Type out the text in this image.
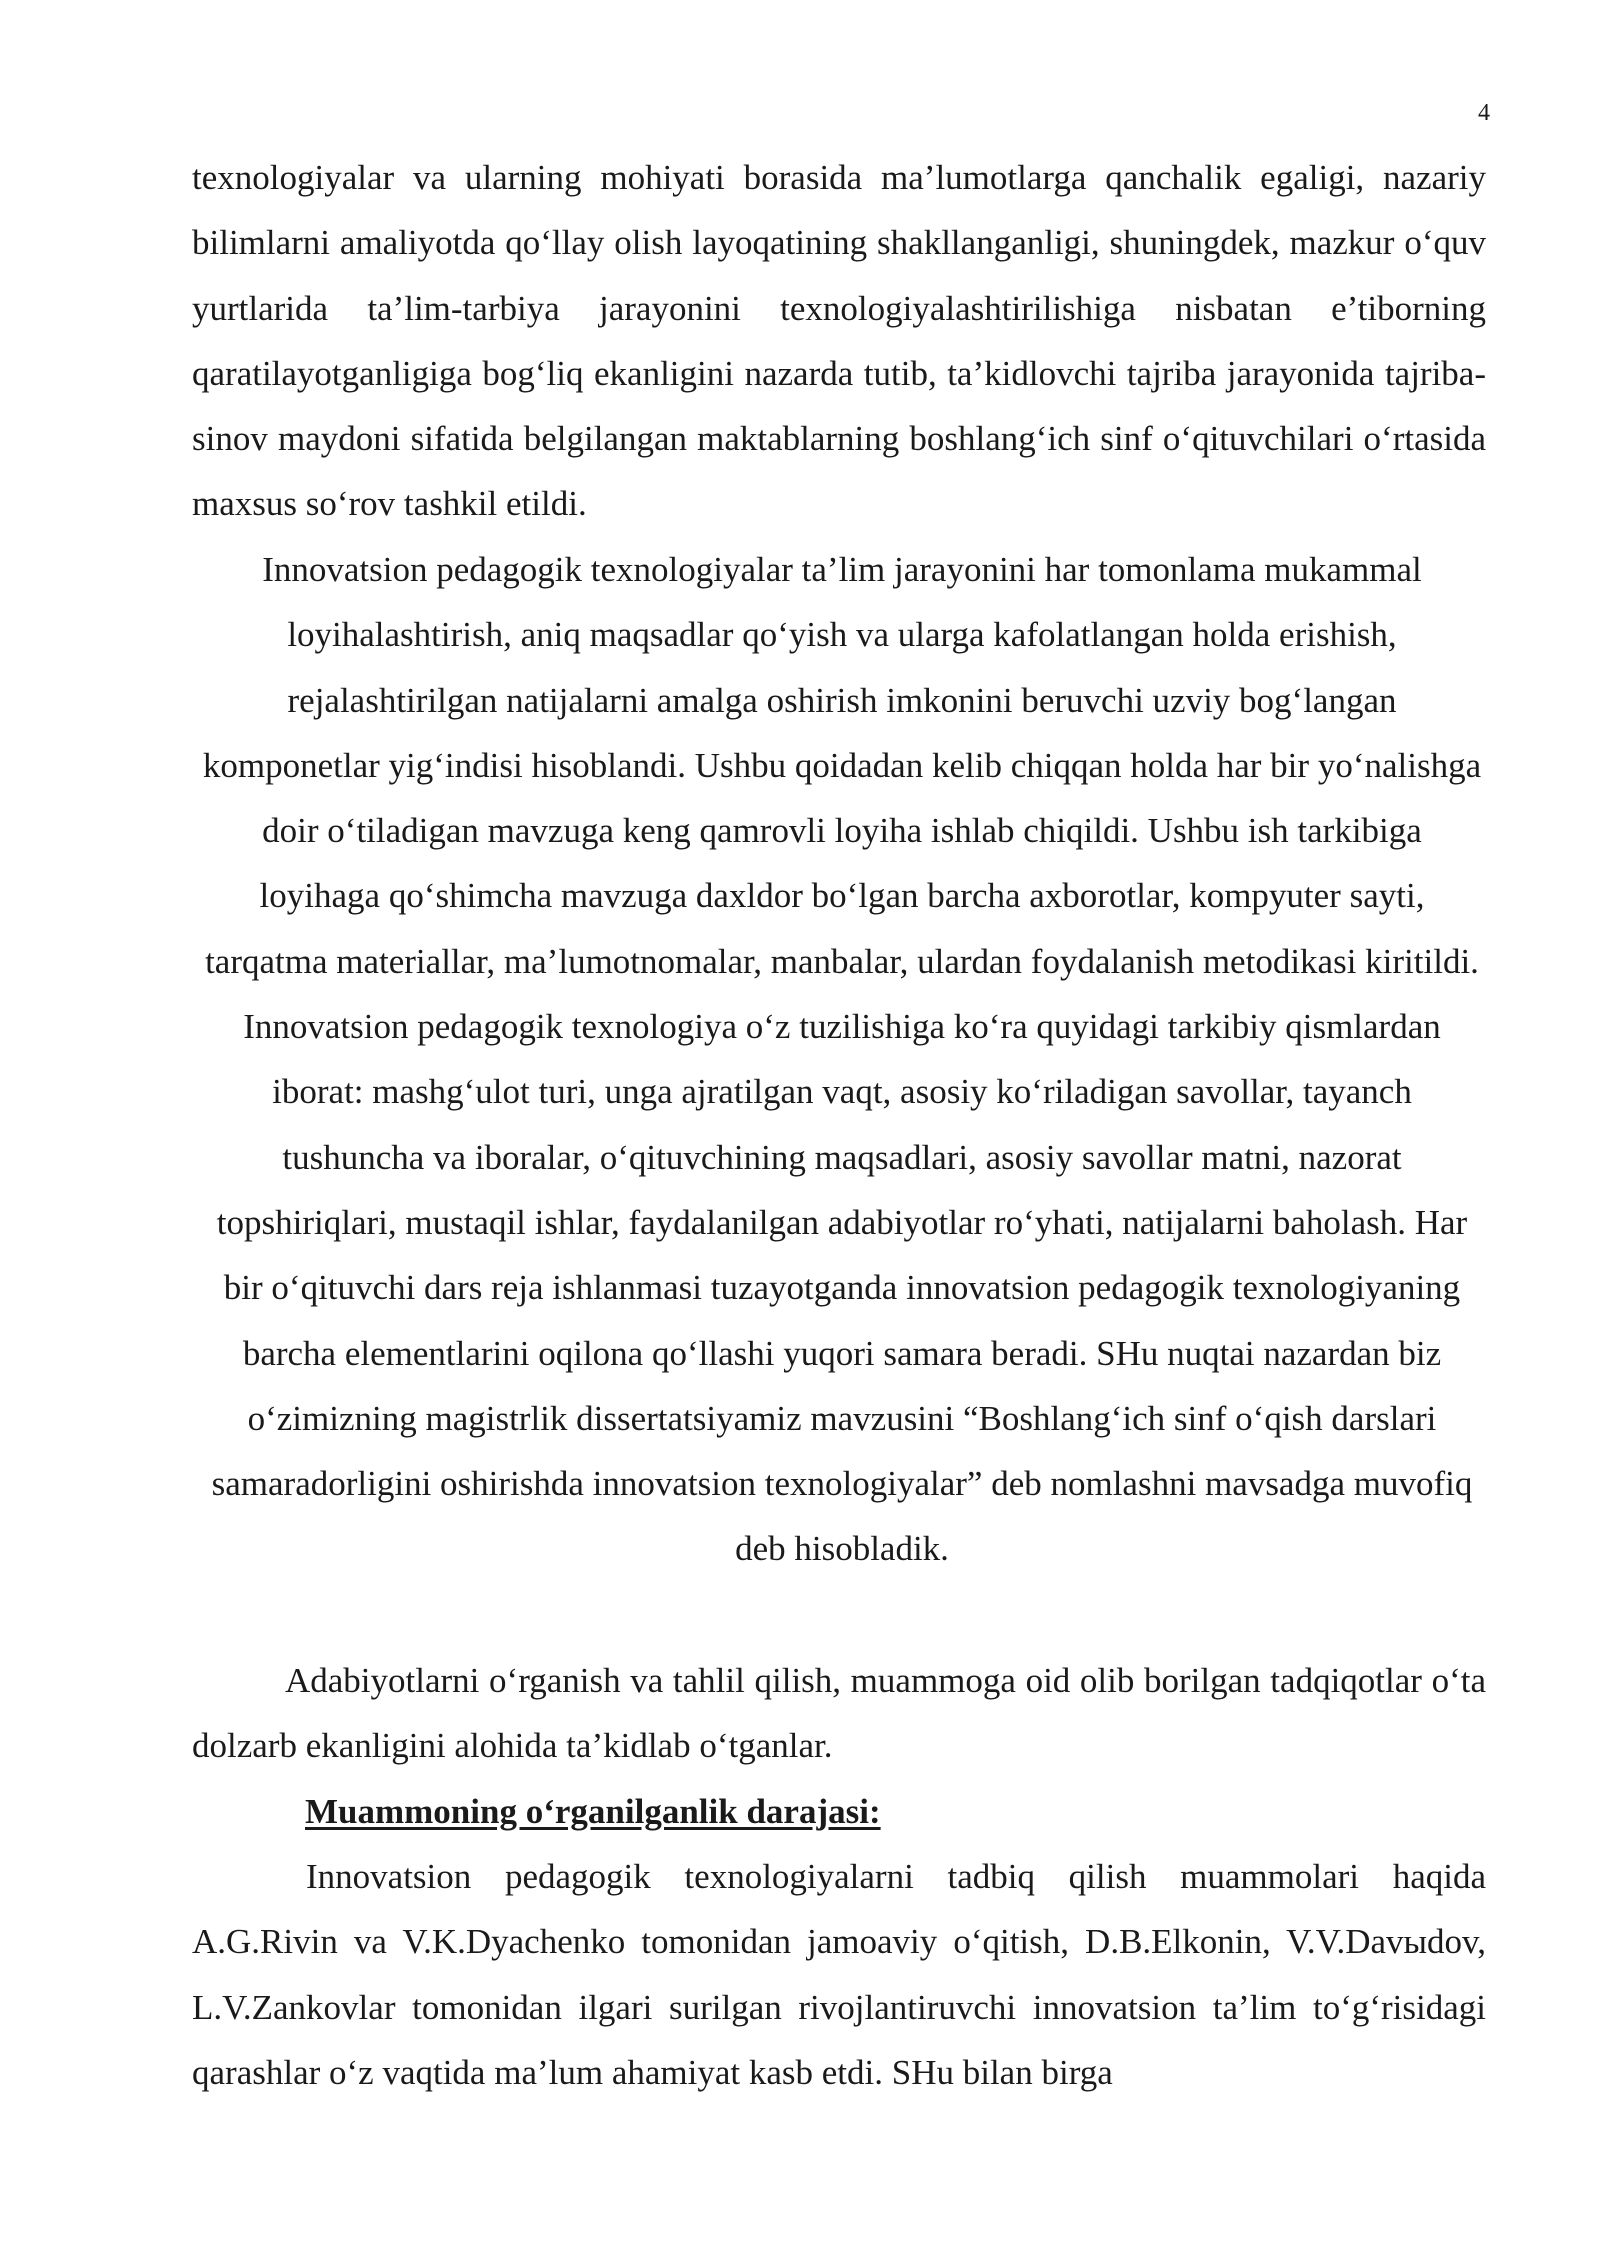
4

texnologiyalar va ularning mohiyati borasida ma’lumotlarga qanchalik egaligi, nazariy bilimlarni amaliyotda qo‘llay olish layoqatining shakllanganligi, shuningdek, mazkur o‘quv yurtlarida ta’lim-tarbiya jarayonini texnologiyalashtirilishiga nisbatan e’tiborning qaratilayotganligiga bog‘liq ekanligini nazarda tutib, ta’kidlovchi tajriba jarayonida tajriba-sinov maydoni sifatida belgilangan maktablarning boshlang‘ich sinf o‘qituvchilari o‘rtasida maxsus so‘rov tashkil etildi.

Innovatsion pedagogik texnologiyalar ta’lim jarayonini har tomonlama mukammal loyihalashtirish, aniq maqsadlar qo‘yish va ularga kafolatlangan holda erishish, rejalashtirilgan natijalarni amalga oshirish imkonini beruvchi uzviy bog‘langan komponetlar yig‘indisi hisoblandi. Ushbu qoidadan kelib chiqqan holda har bir yo‘nalishga doir o‘tiladigan mavzuga keng qamrovli loyiha ishlab chiqildi. Ushbu ish tarkibiga loyihaga qo‘shimcha mavzuga daxldor bo‘lgan barcha axborotlar, kompyuter sayti, tarqatma materiallar, ma’lumotnomalar, manbalar, ulardan foydalanish metodikasi kiritildi. Innovatsion pedagogik texnologiya o‘z tuzilishiga ko‘ra quyidagi tarkibiy qismlardan iborat: mashg‘ulot turi, unga ajratilgan vaqt, asosiy ko‘riladigan savollar, tayanch tushuncha va iboralar, o‘qituvchining maqsadlari, asosiy savollar matni, nazorat topshiriqlari, mustaqil ishlar, faydalanilgan adabiyotlar ro‘yhati, natijalarni baholash. Har bir o‘qituvchi dars reja ishlanmasi tuzayotganda innovatsion pedagogik texnologiyaning barcha elementlarini oqilona qo‘llashi yuqori samara beradi. SHu nuqtai nazardan biz o‘zimizning magistrlik dissertatsiyamiz mavzusini “Boshlang‘ich sinf o‘qish darslari samaradorligini oshirishda innovatsion texnologiyalar” deb nomlashni mavsadga muvofiq deb hisobladik.

Adabiyotlarni o‘rganish va tahlil qilish, muammoga oid olib borilgan tadqiqotlar o‘ta dolzarb ekanligini alohida ta’kidlab o‘tganlar.

Muammoning o‘rganilganlik darajasi:

Innovatsion pedagogik texnologiyalarni tadbiq qilish muammolari haqida A.G.Rivin va V.K.Dyachenko tomonidan jamoaviy o‘qitish, D.B.Elkonin, V.V.Davыdov, L.V.Zankovlar tomonidan ilgari surilgan rivojlantiruvchi innovatsion ta’lim to‘g‘risidagi qarashlar o‘z vaqtida ma’lum ahamiyat kasb etdi. SHu bilan birga
